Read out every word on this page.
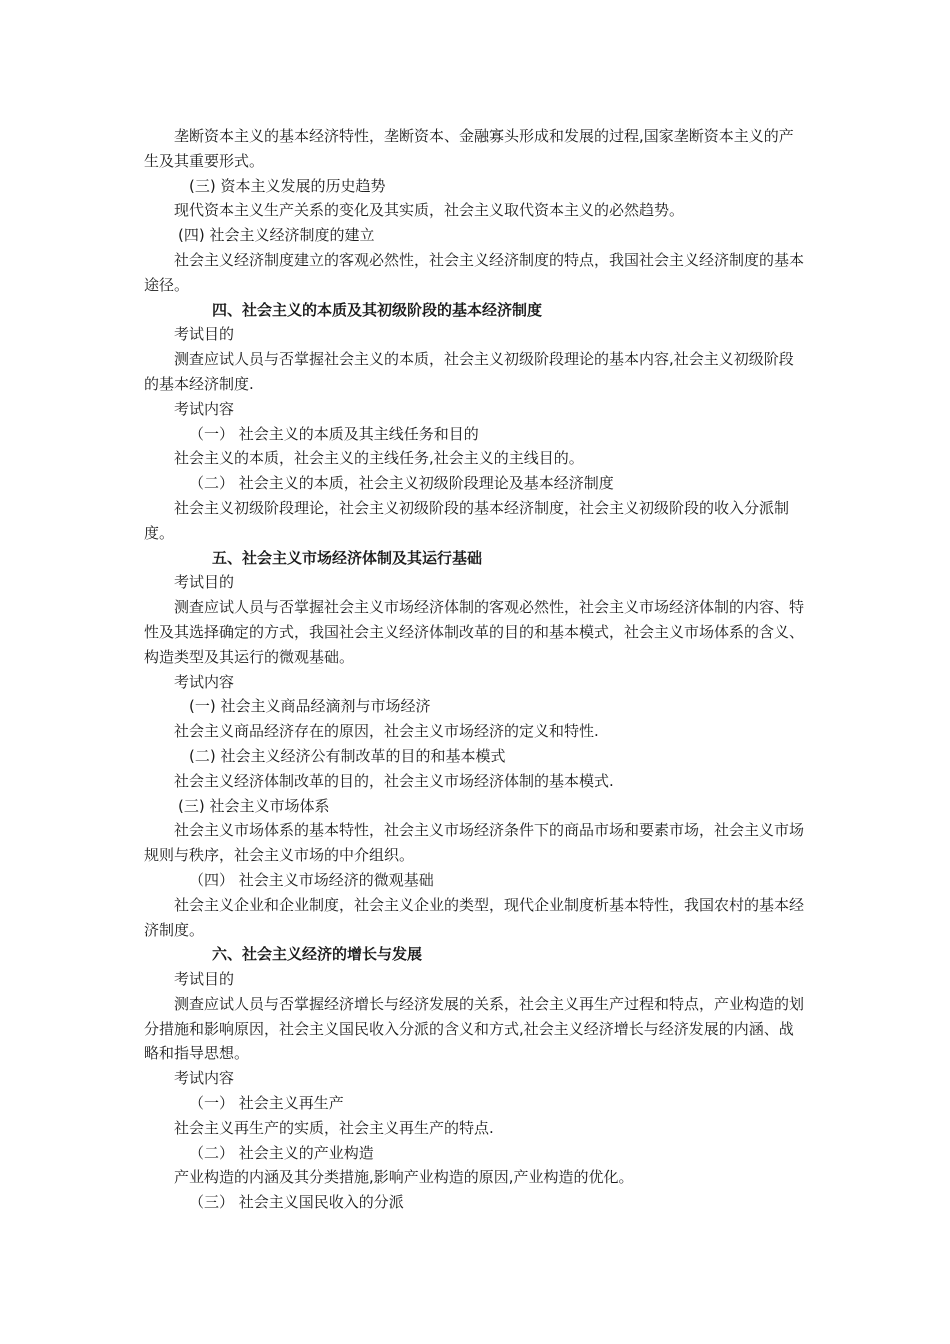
垄断资本主义的基本经济特性，垄断资本、金融寡头形成和发展的过程,国家垄断资本主义的产生及其重要形式。

(三) 资本主义发展的历史趋势

现代资本主义生产关系的变化及其实质，社会主义取代资本主义的必然趋势。

(四) 社会主义经济制度的建立

社会主义经济制度建立的客观必然性，社会主义经济制度的特点，我国社会主义经济制度的基本途径。

四、社会主义的本质及其初级阶段的基本经济制度

考试目的

测查应试人员与否掌握社会主义的本质，社会主义初级阶段理论的基本内容,社会主义初级阶段的基本经济制度.

考试内容

（一） 社会主义的本质及其主线任务和目的

社会主义的本质，社会主义的主线任务,社会主义的主线目的。

（二） 社会主义的本质，社会主义初级阶段理论及基本经济制度

社会主义初级阶段理论，社会主义初级阶段的基本经济制度，社会主义初级阶段的收入分派制度。

五、社会主义市场经济体制及其运行基础

考试目的

测查应试人员与否掌握社会主义市场经济体制的客观必然性，社会主义市场经济体制的内容、特性及其选择确定的方式，我国社会主义经济体制改革的目的和基本模式，社会主义市场体系的含义、构造类型及其运行的微观基础。

考试内容

(一) 社会主义商品经滴剂与市场经济

社会主义商品经济存在的原因，社会主义市场经济的定义和特性.

(二) 社会主义经济公有制改革的目的和基本模式

社会主义经济体制改革的目的，社会主义市场经济体制的基本模式.

(三) 社会主义市场体系

社会主义市场体系的基本特性，社会主义市场经济条件下的商品市场和要素市场，社会主义市场规则与秩序，社会主义市场的中介组织。

（四） 社会主义市场经济的微观基础

社会主义企业和企业制度，社会主义企业的类型，现代企业制度析基本特性，我国农村的基本经济制度。

六、社会主义经济的增长与发展

考试目的

测查应试人员与否掌握经济增长与经济发展的关系，社会主义再生产过程和特点，产业构造的划分措施和影响原因，社会主义国民收入分派的含义和方式,社会主义经济增长与经济发展的内涵、战略和指导思想。

考试内容

（一） 社会主义再生产

社会主义再生产的实质，社会主义再生产的特点.

（二） 社会主义的产业构造

产业构造的内涵及其分类措施,影响产业构造的原因,产业构造的优化。

（三） 社会主义国民收入的分派
